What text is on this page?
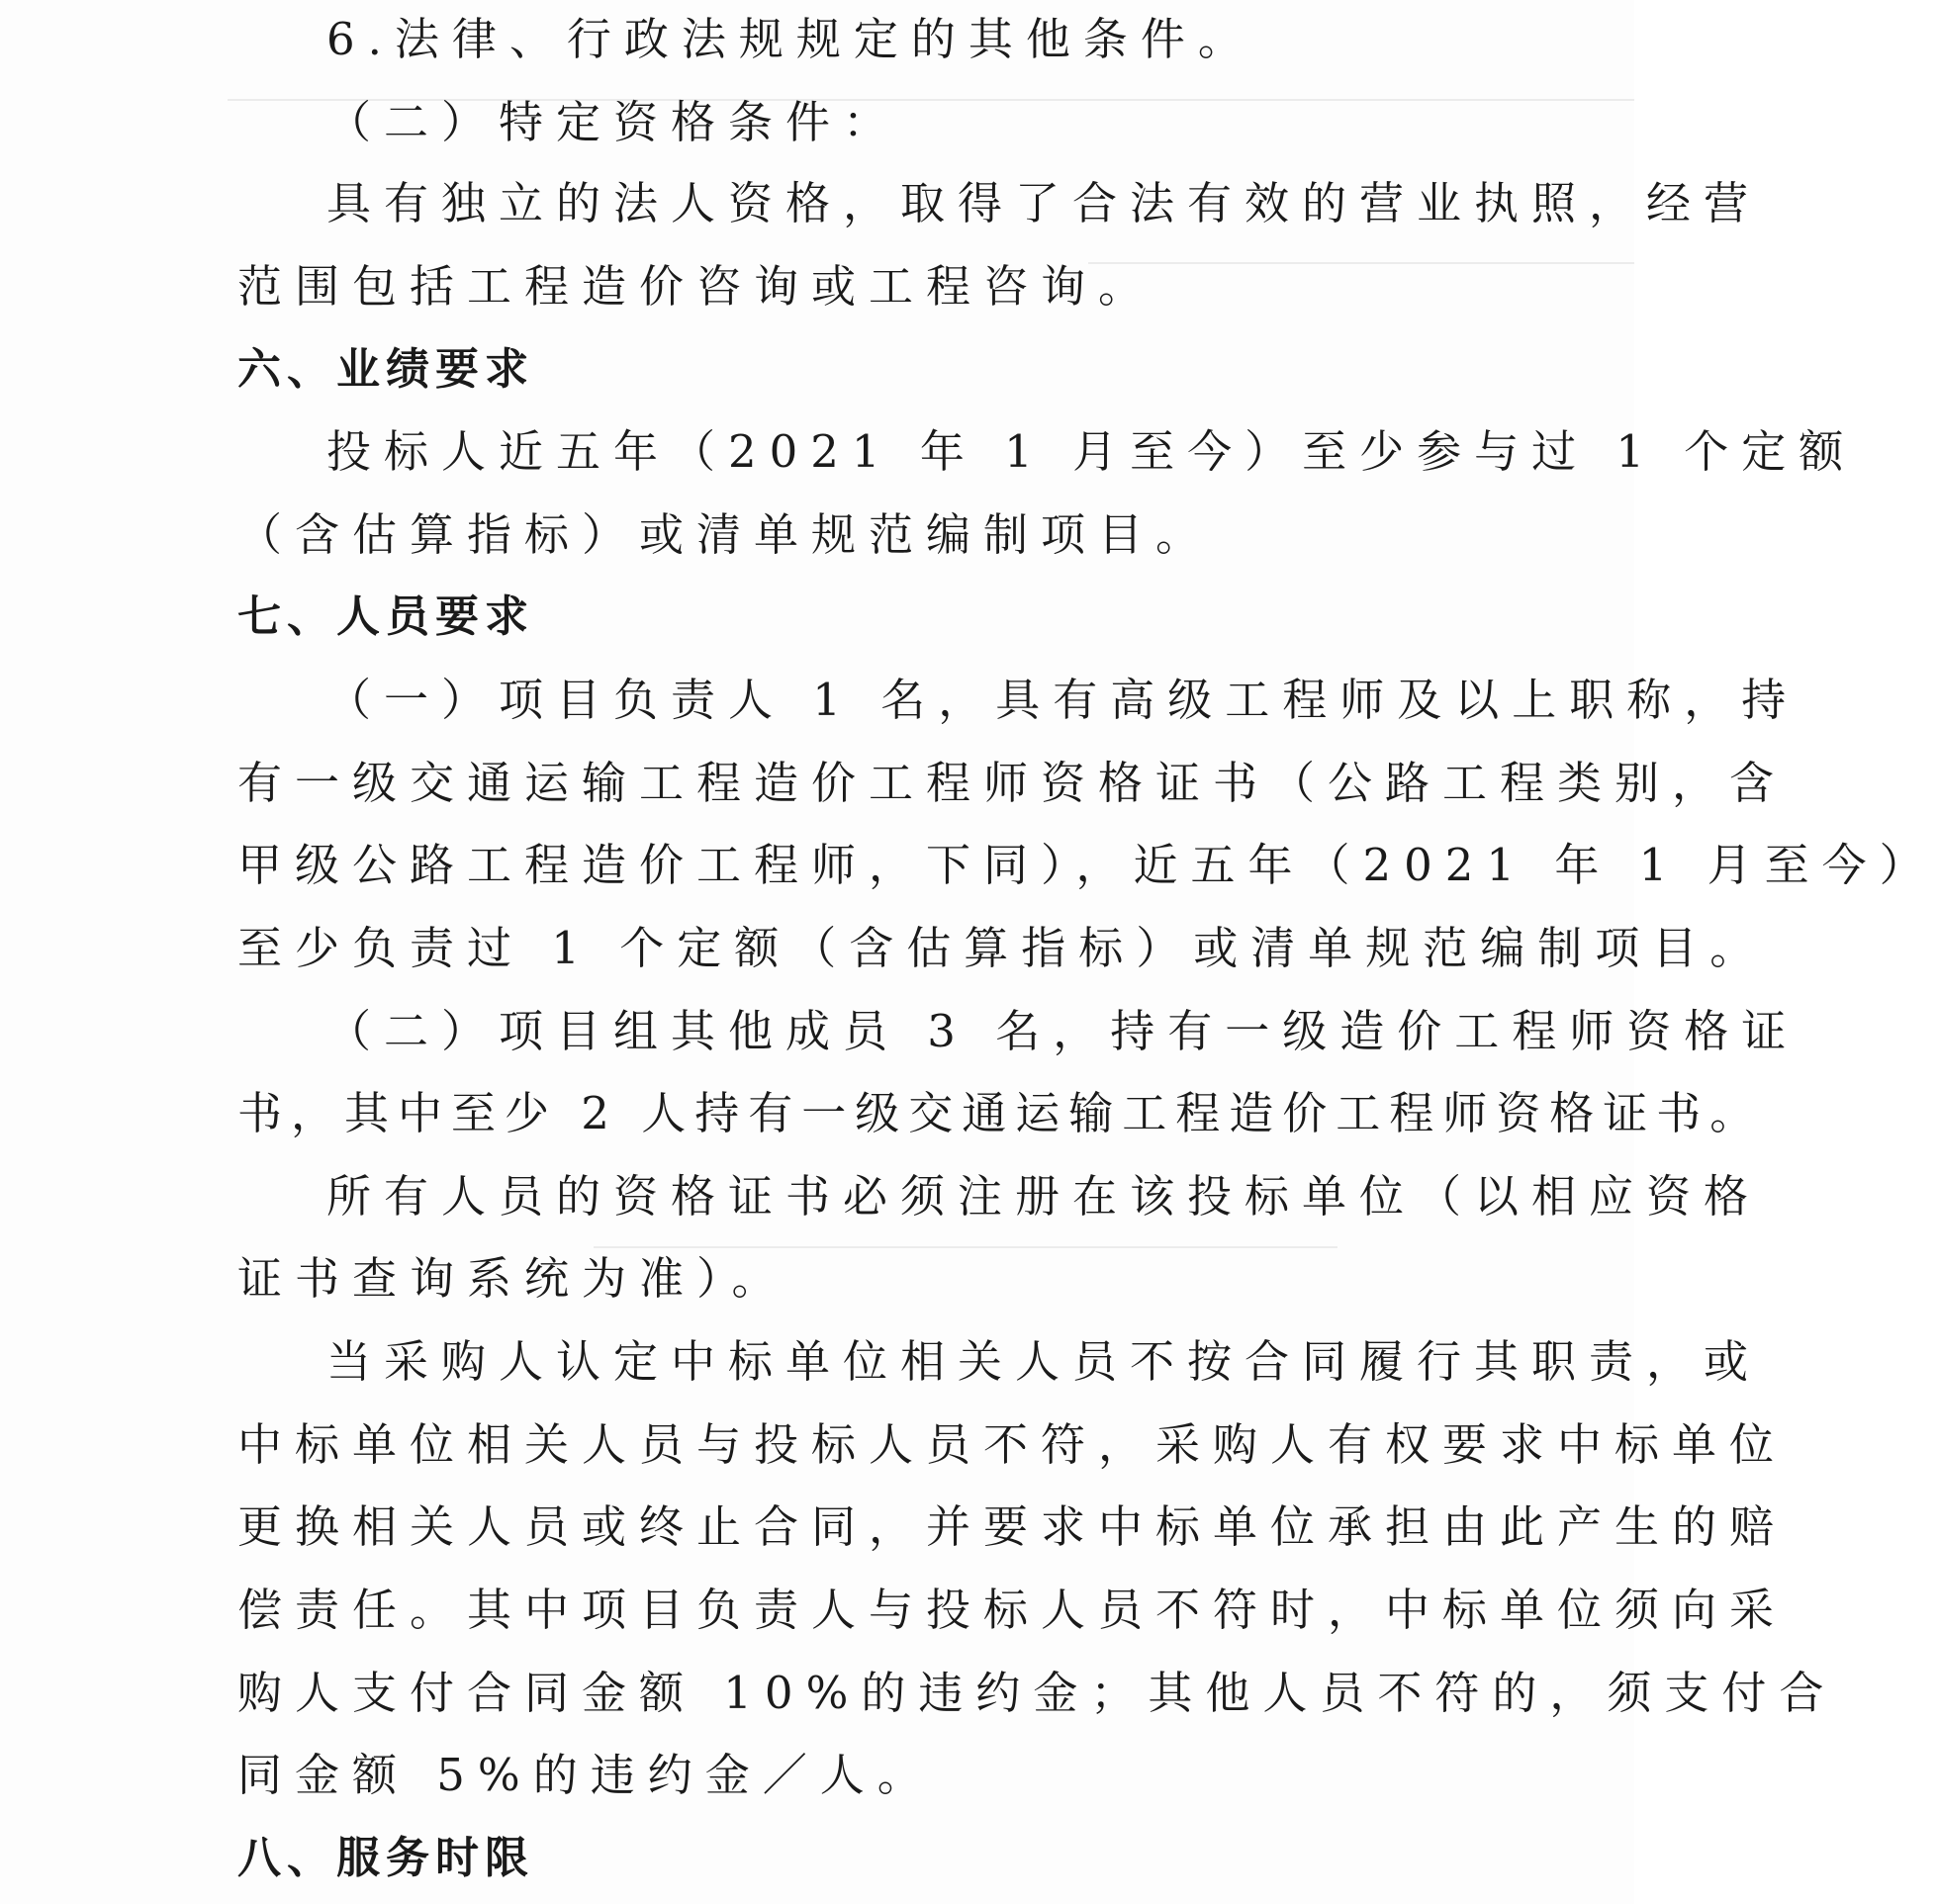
6.法律、行政法规规定的其他条件。
（二）特定资格条件：
具有独立的法人资格，取得了合法有效的营业执照，经营
范围包括工程造价咨询或工程咨询。
六、业绩要求
投标人近五年（2021 年 1 月至今）至少参与过 1 个定额
（含估算指标）或清单规范编制项目。
七、人员要求
（一）项目负责人 1 名，具有高级工程师及以上职称，持
有一级交通运输工程造价工程师资格证书（公路工程类别，含
甲级公路工程造价工程师，下同），近五年（2021 年 1 月至今）
至少负责过 1 个定额（含估算指标）或清单规范编制项目。
（二）项目组其他成员 3 名，持有一级造价工程师资格证
书，其中至少 2 人持有一级交通运输工程造价工程师资格证书。
所有人员的资格证书必须注册在该投标单位（以相应资格
证书查询系统为准）。
当采购人认定中标单位相关人员不按合同履行其职责，或
中标单位相关人员与投标人员不符，采购人有权要求中标单位
更换相关人员或终止合同，并要求中标单位承担由此产生的赔
偿责任。其中项目负责人与投标人员不符时，中标单位须向采
购人支付合同金额 10%的违约金；其他人员不符的，须支付合
同金额 5%的违约金／人。
八、服务时限
